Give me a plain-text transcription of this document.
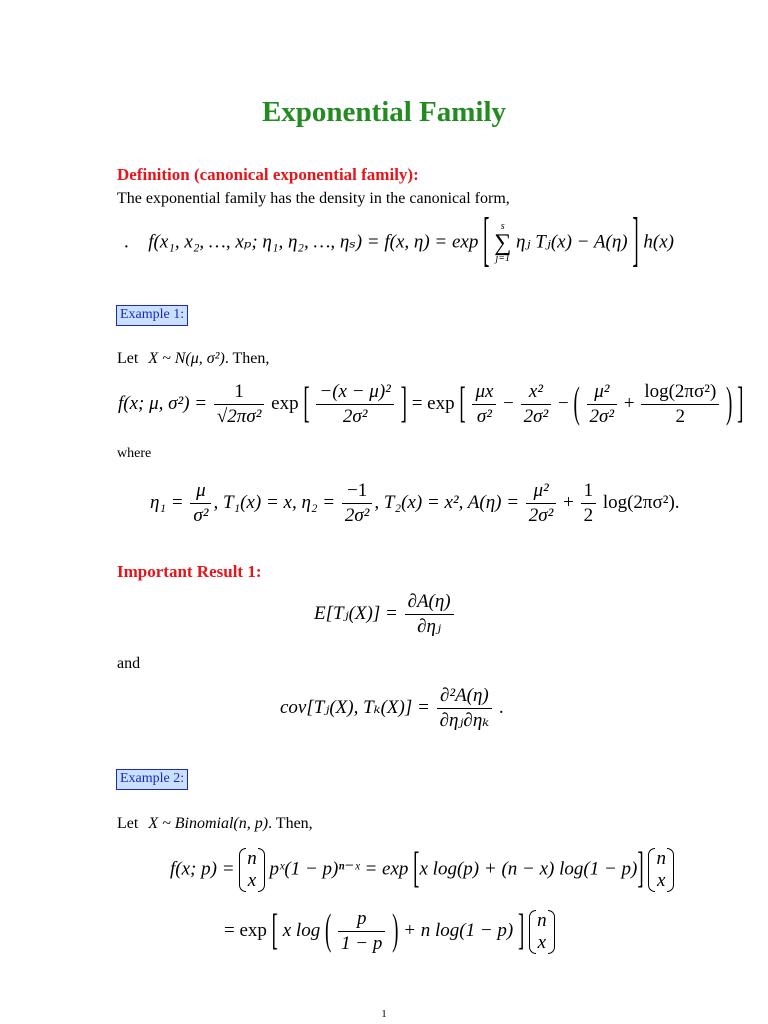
Exponential Family
Definition (canonical exponential family):
The exponential family has the density in the canonical form,
. f(x₁, x₂, …, xₚ; η₁, η₂, …, ηₛ) = f(x, η) = exp [	s
∑
j=1
ηⱼ Tⱼ(x) − A(η) ] h(x)
Example 1:
Let X ~ N(μ, σ²). Then,
f(x; μ, $\sigma^2) = \frac{1}{\text{√2πσ²}}$ exp [ $\frac{\text{−(x − μ)²}}{\text{2σ²}}$ ] = exp [ $\frac{\mu x}{\text{σ²}} - \frac{\text{x²}}{\text{2σ²}}$ − ( $\frac{\text{μ²}}{\text{2σ²}} + \frac{\text{log(2πσ²)}}{2}$ ) ]
where
$\eta_1 = \frac{\mu}{\text{σ²}}$ , T₁(x) = x, $\eta_2 = \frac{-1}{\text{2σ²}}$ , T₂(x) = x², $A(\eta) = \frac{\text{μ²}}{\text{2σ²}} + \frac{1}{2} \log(2\pi\sigma^2)$.
Important Result 1:
E[Tⱼ(X)] = $\frac{\partial A(\eta)}{\text{∂ηⱼ}}$
and
cov[Tⱼ(X), $T_k(X)] = \frac{\text{∂²A(η)}}{\text{∂ηⱼ∂ηₖ}}$ .
Example 2:
Let X ~ Binomial(n, p). Then,
f(x; p) = n
x
pˣ(1 − p)ⁿ⁻ˣ = exp [x log(p) + (n − x) log(1 − p)] n
x
= exp [ x log ( $\frac{p}{1 - p}$ ) + n log(1 − p) ] n
x
1
